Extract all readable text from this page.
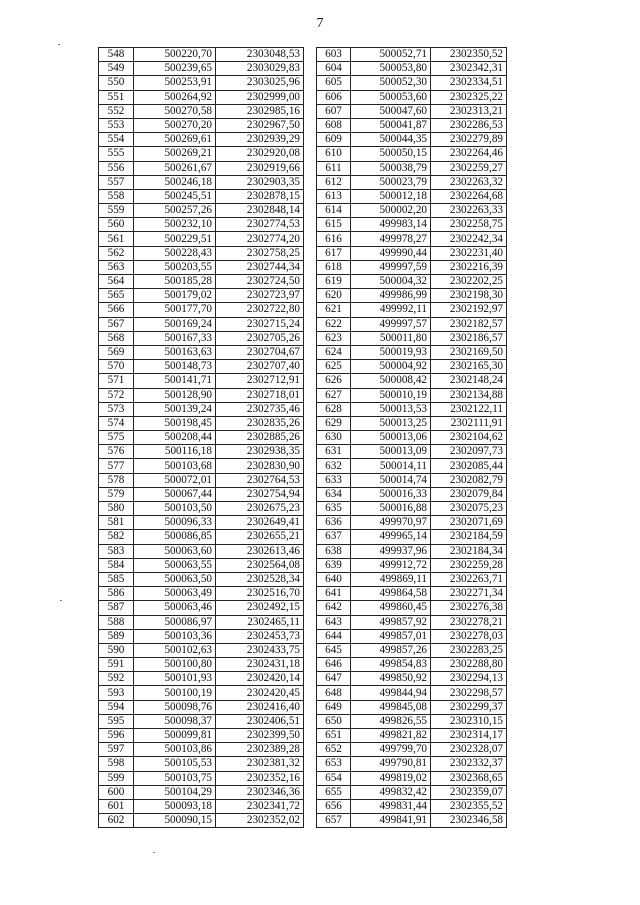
7
548	500220,70	2303048,53
549	500239,65	2303029,83
550	500253,91	2303025,96
551	500264,92	2302999,00
552	500270,58	2302985,16
553	500270,20	2302967,50
554	500269,61	2302939,29
555	500269,21	2302920,08
556	500261,67	2302919,66
557	500246,18	2302903,35
558	500245,51	2302878,15
559	500257,26	2302848,14
560	500232,10	2302774,53
561	500229,51	2302774,20
562	500228,43	2302758,25
563	500203,55	2302744,34
564	500185,28	2302724,50
565	500179,02	2302723,97
566	500177,70	2302722,80
567	500169,24	2302715,24
568	500167,33	2302705,26
569	500163,63	2302704,67
570	500148,73	2302707,40
571	500141,71	2302712,91
572	500128,90	2302718,01
573	500139,24	2302735,46
574	500198,45	2302835,26
575	500208,44	2302885,26
576	500116,18	2302938,35
577	500103,68	2302830,90
578	500072,01	2302764,53
579	500067,44	2302754,94
580	500103,50	2302675,23
581	500096,33	2302649,41
582	500086,85	2302655,21
583	500063,60	2302613,46
584	500063,55	2302564,08
585	500063,50	2302528,34
586	500063,49	2302516,70
587	500063,46	2302492,15
588	500086,97	2302465,11
589	500103,36	2302453,73
590	500102,63	2302433,75
591	500100,80	2302431,18
592	500101,93	2302420,14
593	500100,19	2302420,45
594	500098,76	2302416,40
595	500098,37	2302406,51
596	500099,81	2302399,50
597	500103,86	2302389,28
598	500105,53	2302381,32
599	500103,75	2302352,16
600	500104,29	2302346,36
601	500093,18	2302341,72
602	500090,15	2302352,02
603	500052,71	2302350,52
604	500053,80	2302342,31
605	500052,30	2302334,51
606	500053,60	2302325,22
607	500047,60	2302313,21
608	500041,87	2302286,53
609	500044,35	2302279,89
610	500050,15	2302264,46
611	500038,79	2302259,27
612	500023,79	2302263,32
613	500012,18	2302264,68
614	500002,20	2302263,33
615	499983,14	2302258,75
616	499978,27	2302242,34
617	499990,44	2302231,40
618	499997,59	2302216,39
619	500004,32	2302202,25
620	499986,99	2302198,30
621	499992,11	2302192,97
622	499997,57	2302182,57
623	500011,80	2302186,57
624	500019,93	2302169,50
625	500004,92	2302165,30
626	500008,42	2302148,24
627	500010,19	2302134,88
628	500013,53	2302122,11
629	500013,25	2302111,91
630	500013,06	2302104,62
631	500013,09	2302097,73
632	500014,11	2302085,44
633	500014,74	2302082,79
634	500016,33	2302079,84
635	500016,88	2302075,23
636	499970,97	2302071,69
637	499965,14	2302184,59
638	499937,96	2302184,34
639	499912,72	2302259,28
640	499869,11	2302263,71
641	499864,58	2302271,34
642	499860,45	2302276,38
643	499857,92	2302278,21
644	499857,01	2302278,03
645	499857,26	2302283,25
646	499854,83	2302288,80
647	499850,92	2302294,13
648	499844,94	2302298,57
649	499845,08	2302299,37
650	499826,55	2302310,15
651	499821,82	2302314,17
652	499799,70	2302328,07
653	499790,81	2302332,37
654	499819,02	2302368,65
655	499832,42	2302359,07
656	499831,44	2302355,52
657	499841,91	2302346,58
